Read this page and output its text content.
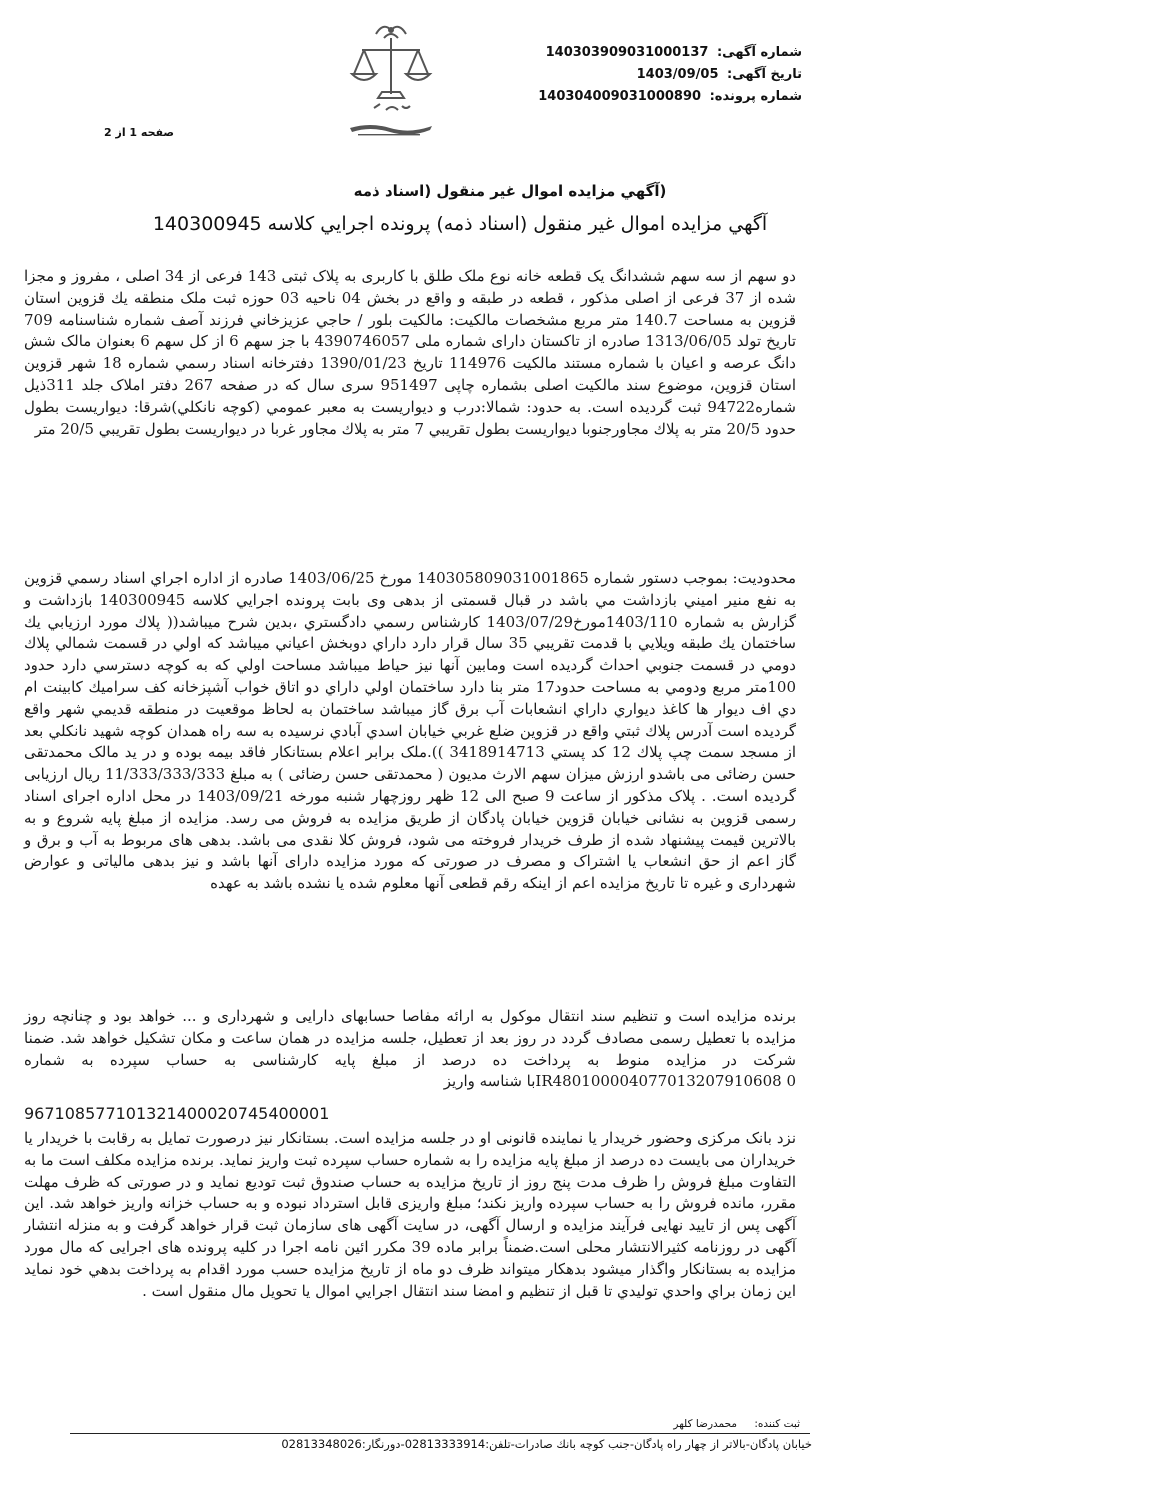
شماره آگهی: 140303909031000137
تاریخ آگهی: 1403/09/05
شماره پرونده: 140304009031000890
صفحه 1 از 2
(آگهي مزايده اموال غير منقول (اسناد ذمه
آگهي مزايده اموال غير منقول (اسناد ذمه) پرونده اجرايي كلاسه 140300945
دو سهم از سه سهم ششدانگ یک قطعه خانه نوع ملک طلق با کاربری به پلاک ثبتی 143 فرعی از 34 اصلی ، مفروز و مجزا شده از 37 فرعی از اصلی مذکور ، قطعه در طبقه و واقع در بخش 04 ناحیه 03 حوزه ثبت ملک منطقه يك قزوين استان قزوين به مساحت 140.7 متر مربع مشخصات مالکیت: مالكيت بلور / حاجي عزيزخاني فرزند آصف شماره شناسنامه 709 تاريخ تولد 1313/06/05 صادره از تاكستان دارای شماره ملی 4390746057 با جز سهم 6 از کل سهم 6 بعنوان مالک شش دانگ عرصه و اعیان با شماره مستند مالکیت 114976 تاريخ 1390/01/23 دفترخانه اسناد رسمي شماره 18 شهر قزوين استان قزوين، موضوع سند مالکیت اصلی بشماره چاپی 951497 سری سال که در صفحه 267 دفتر املاک جلد 311ذیل شماره94722 ثبت گردیده است. به حدود: شمالا:درب و ديواريست به معبر عمومي (كوچه نانكلي)شرقا: ديواريست بطول حدود 20/5 متر به پلاك مجاورجنوبا ديواريست بطول تقريبي 7 متر به پلاك مجاور غربا در ديواريست بطول تقريبي 20/5 متر
محدودیت: بموجب دستور شماره 140305809031001865 مورخ 1403/06/25 صادره از اداره اجراي اسناد رسمي قزوين به نفع منير اميني بازداشت مي باشد در قبال قسمتی از بدهی وی بابت پرونده اجرايي كلاسه 140300945 بازداشت و گزارش به شماره 1403/110مورخ1403/07/29 کارشناس رسمي دادگستري ،بدين شرح ميباشد(( پلاك مورد ارزيابي يك ساختمان يك طبقه ويلايي با قدمت تقريبي 35 سال قرار دارد داراي دوبخش اعياني ميباشد كه اولي در قسمت شمالي پلاك دومي در قسمت جنوبي احداث گرديده است ومابين آنها نيز حياط ميباشد مساحت اولي كه به كوچه دسترسي دارد حدود 100متر مربع ودومي به مساحت حدود17 متر بنا دارد ساختمان اولي داراي دو اتاق خواب آشپزخانه كف سراميك كابينت ام دي اف ديوار ها كاغذ ديواري داراي انشعابات آب برق گاز ميباشد ساختمان به لحاظ موقعيت در منطقه قديمي شهر واقع گرديده است آدرس پلاك ثبتي واقع در قزوين ضلع غربي خيابان اسدي آبادي نرسيده به سه راه همدان كوچه شهيد نانكلي بعد از مسجد سمت چپ پلاك 12 كد پستي 3418914713 )).ملک برابر اعلام بستانکار فاقد بیمه بوده و در ید مالک محمدتقی حسن رضائی می باشدو ارزش میزان سهم الارث مدیون ( محمدتقی حسن رضائی ) به مبلغ 11/333/333/333 ریال ارزیابی گردیده است. . پلاک مذکور از ساعت 9 صبح الی 12 ظهر روزچهار شنبه مورخه 1403/09/21 در محل اداره اجرای اسناد رسمی قزوین به نشانی خیابان قزوین خیابان پادگان از طریق مزایده به فروش می رسد. مزایده از مبلغ پایه شروع و به بالاترین قیمت پیشنهاد شده از طرف خریدار فروخته می شود، فروش کلا نقدی می باشد. بدهی های مربوط به آب و برق و گاز اعم از حق انشعاب یا اشتراک و مصرف در صورتی که مورد مزایده دارای آنها باشد و نیز بدهی مالیاتی و عوارض شهرداری و غیره تا تاریخ مزایده اعم از اینکه رقم قطعی آنها معلوم شده یا نشده باشد به عهده
برنده مزایده است و تنظیم سند انتقال موکول به ارائه مفاصا حسابهای دارایی و شهرداری و ... خواهد بود و چنانچه روز مزایده با تعطیل رسمی مصادف گردد در روز بعد از تعطیل، جلسه مزایده در همان ساعت و مکان تشکیل خواهد شد. ضمنا شرکت در مزایده منوط به پرداخت ده درصد از مبلغ پایه کارشناسی به حساب سپرده به شماره IR480100004077013207910608 0با شناسه واریز
967108577101321400020745400001
نزد بانک مرکزی وحضور خریدار یا نماینده قانونی او در جلسه مزایده است. بستانکار نیز درصورت تمایل به رقابت با خریدار یا خریداران می بایست ده درصد از مبلغ پایه مزایده را به شماره حساب سپرده ثبت واریز نماید. برنده مزایده مکلف است ما به التفاوت مبلغ فروش را ظرف مدت پنج روز از تاریخ مزایده به حساب صندوق ثبت تودیع نماید و در صورتی که ظرف مهلت مقرر، مانده فروش را به حساب سپرده واریز نکند؛ مبلغ واریزی قابل استرداد نبوده و به حساب خزانه واریز خواهد شد. این آگهی پس از تایید نهایی فرآیند مزایده و ارسال آگهی، در سایت آگهی های سازمان ثبت قرار خواهد گرفت و به منزله انتشار آگهی در روزنامه کثیرالانتشار محلی است.ضمناً برابر ماده 39 مکرر ائین نامه اجرا در کلیه پرونده های اجرایی که مال مورد مزایده به بستانکار واگذار میشود بدهکار میتواند ظرف دو ماه از تاریخ مزایده حسب مورد اقدام به پرداخت بدهي خود نمايد اين زمان براي واحدي توليدي تا قبل از تنظيم و امضا سند انتقال اجرايي اموال يا تحويل مال منقول است .
ثبت کننده: محمدرضا کلهر
خیابان پادگان-بالاتر از چهار راه پادگان-جنب کوچه بانك صادرات-تلفن:02813333914-دورنگار:02813348026
